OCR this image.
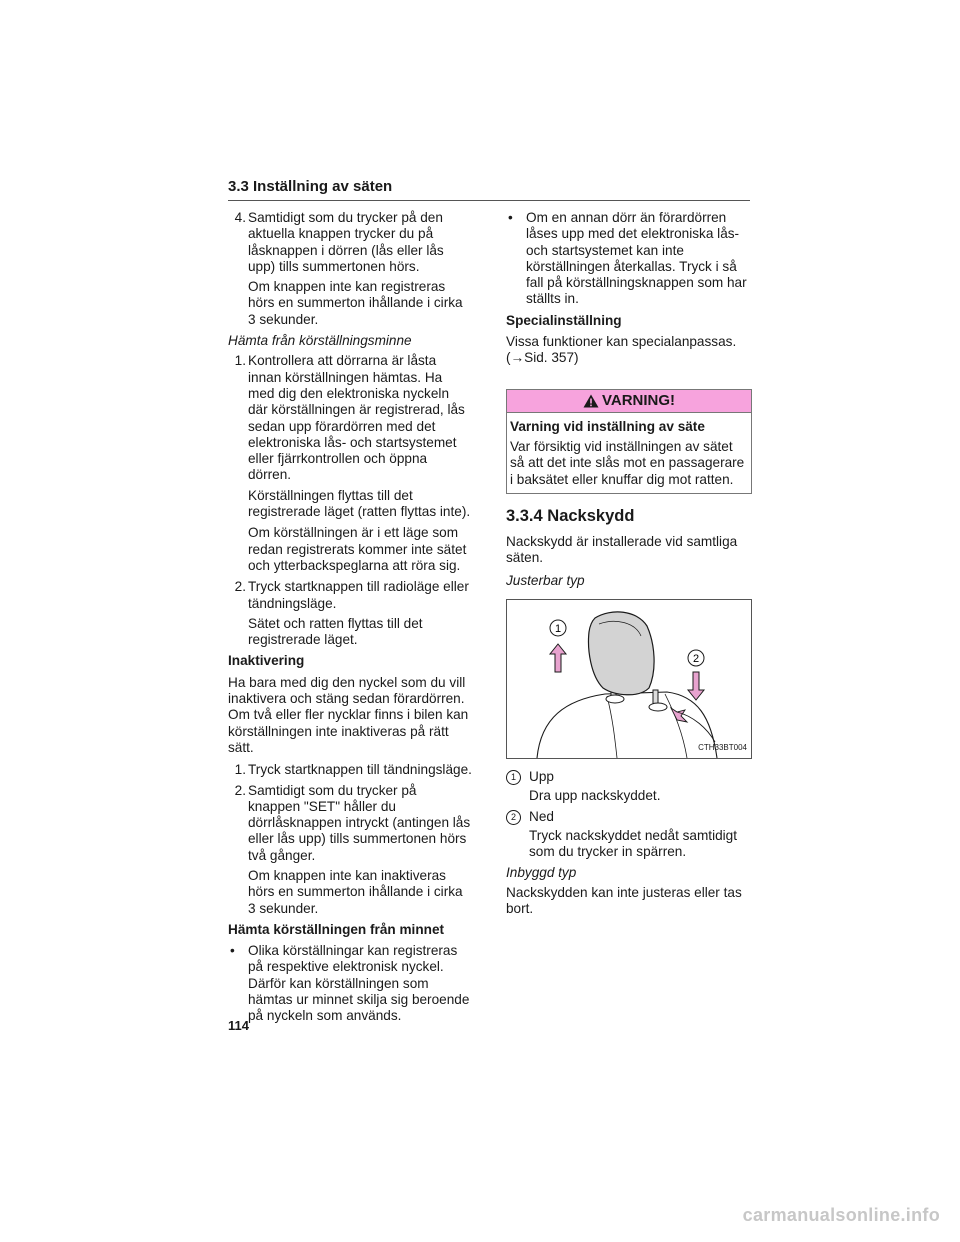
3.3 Inställning av säten
4. Samtidigt som du trycker på den aktuella knappen trycker du på låsknappen i dörren (lås eller lås upp) tills summertonen hörs.

Om knappen inte kan registreras hörs en summerton ihållande i cirka 3 sekunder.

Hämta från körställningsminne

1. Kontrollera att dörrarna är låsta innan körställningen hämtas. Ha med dig den elektroniska nyckeln där körställningen är registrerad, lås sedan upp förardörren med det elektroniska lås- och startsystemet eller fjärrkontrollen och öppna dörren.

Körställningen flyttas till det registrerade läget (ratten flyttas inte).

Om körställningen är i ett läge som redan registrerats kommer inte sätet och ytterbackspeglarna att röra sig.

2. Tryck startknappen till radioläge eller tändningsläge.

Sätet och ratten flyttas till det registrerade läget.

Inaktivering

Ha bara med dig den nyckel som du vill inaktivera och stäng sedan förardörren. Om två eller fler nycklar finns i bilen kan körställningen inte inaktiveras på rätt sätt.

1. Tryck startknappen till tändningsläge.
2. Samtidigt som du trycker på knappen "SET" håller du dörrlåsknappen intryckt (antingen lås eller lås upp) tills summertonen hörs två gånger.

Om knappen inte kan inaktiveras hörs en summerton ihållande i cirka 3 sekunder.

Hämta körställningen från minnet

• Olika körställningar kan registreras på respektive elektronisk nyckel. Därför kan körställningen som hämtas ur minnet skilja sig beroende på nyckeln som används.
• Om en annan dörr än förardörren låses upp med det elektroniska lås- och startsystemet kan inte körställningen återkallas. Tryck i så fall på körställningsknappen som har ställts in.

Specialinställning

Vissa funktioner kan specialanpassas. (→Sid. 357)

VARNING!
Varning vid inställning av säte
Var försiktig vid inställningen av sätet så att det inte slås mot en passagerare i baksätet eller knuffar dig mot ratten.
3.3.4 Nackskydd

Nackskydd är installerade vid samtliga säten.

Justerbar typ

1
2
CTH33BT004
1 Upp
Dra upp nackskyddet.
2 Ned
Tryck nackskyddet nedåt samtidigt som du trycker in spärren.

Inbyggd typ

Nackskydden kan inte justeras eller tas bort.

114
carmanualsonline.info
